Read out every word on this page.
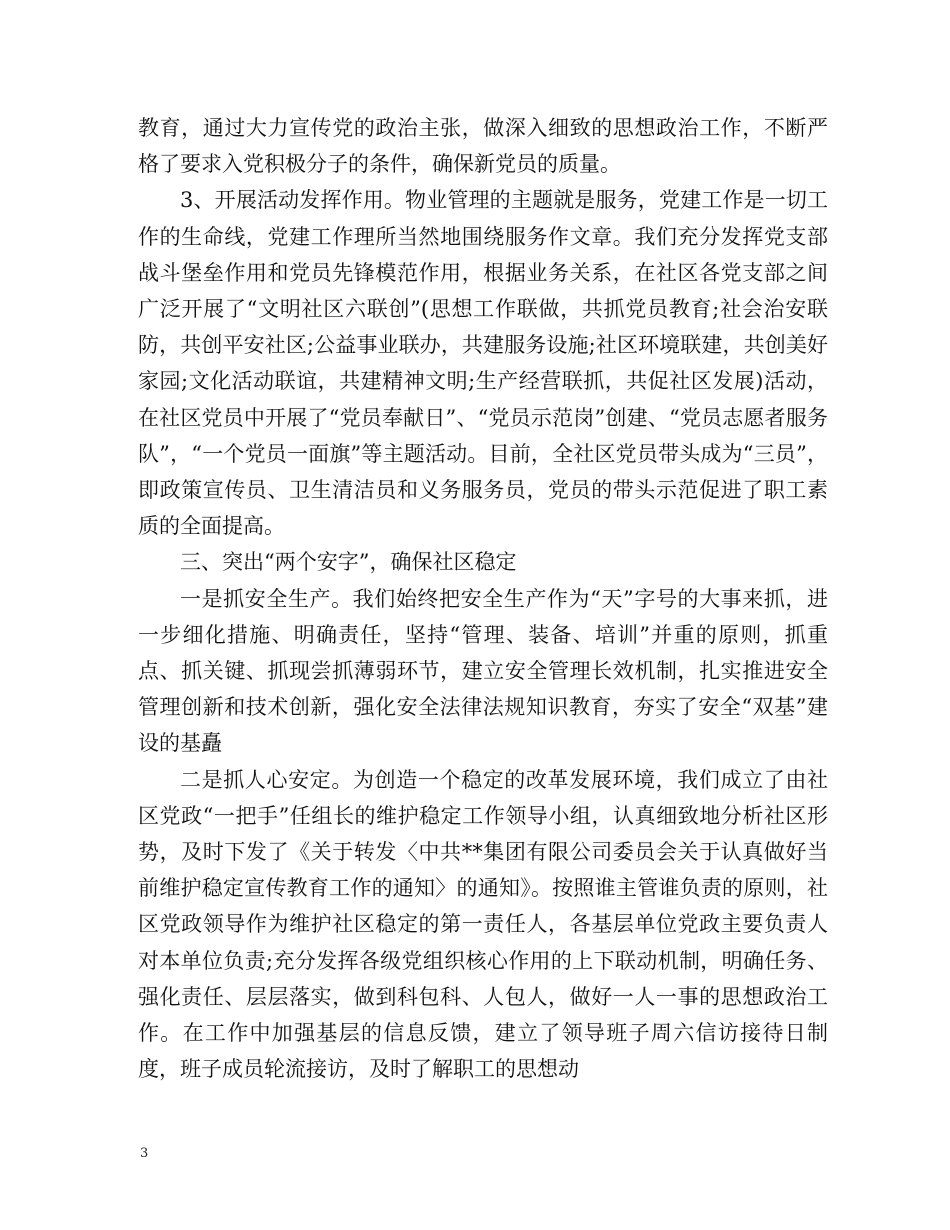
教育，通过大力宣传党的政治主张，做深入细致的思想政治工作，不断严格了要求入党积极分子的条件，确保新党员的质量。

3、开展活动发挥作用。物业管理的主题就是服务，党建工作是一切工作的生命线，党建工作理所当然地围绕服务作文章。我们充分发挥党支部战斗堡垒作用和党员先锋模范作用，根据业务关系，在社区各党支部之间广泛开展了“文明社区六联创”(思想工作联做，共抓党员教育;社会治安联防，共创平安社区;公益事业联办，共建服务设施;社区环境联建，共创美好家园;文化活动联谊，共建精神文明;生产经营联抓，共促社区发展)活动，在社区党员中开展了“党员奉献日”、“党员示范岗”创建、“党员志愿者服务队”，“一个党员一面旗”等主题活动。目前，全社区党员带头成为“三员”，即政策宣传员、卫生清洁员和义务服务员，党员的带头示范促进了职工素质的全面提高。

三、突出“两个安字”，确保社区稳定

一是抓安全生产。我们始终把安全生产作为“天”字号的大事来抓，进一步细化措施、明确责任，坚持“管理、装备、培训”并重的原则，抓重点、抓关键、抓现尝抓薄弱环节，建立安全管理长效机制，扎实推进安全管理创新和技术创新，强化安全法律法规知识教育，夯实了安全“双基”建设的基矗

二是抓人心安定。为创造一个稳定的改革发展环境，我们成立了由社区党政“一把手”任组长的维护稳定工作领导小组，认真细致地分析社区形势，及时下发了《关于转发〈中共**集团有限公司委员会关于认真做好当前维护稳定宣传教育工作的通知〉的通知》。按照谁主管谁负责的原则，社区党政领导作为维护社区稳定的第一责任人，各基层单位党政主要负责人对本单位负责;充分发挥各级党组织核心作用的上下联动机制，明确任务、强化责任、层层落实，做到科包科、人包人，做好一人一事的思想政治工作。在工作中加强基层的信息反馈，建立了领导班子周六信访接待日制度，班子成员轮流接访，及时了解职工的思想动

3
